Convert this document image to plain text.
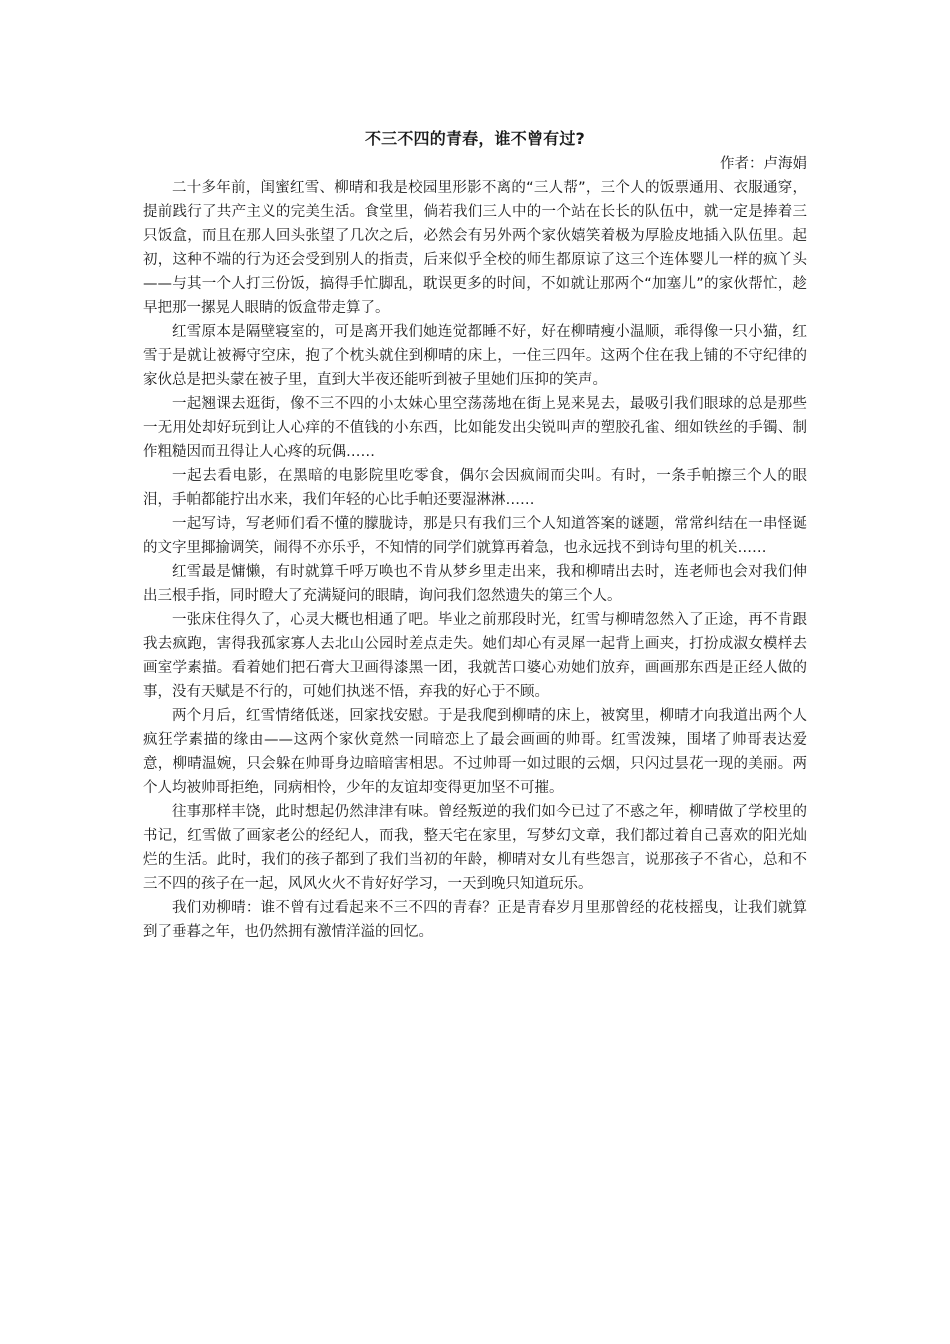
不三不四的青春，谁不曾有过?

作者：卢海娟

二十多年前，闺蜜红雪、柳晴和我是校园里形影不离的“三人帮”，三个人的饭票通用、衣服通穿，提前践行了共产主义的完美生活。食堂里，倘若我们三人中的一个站在长长的队伍中，就一定是捧着三只饭盒，而且在那人回头张望了几次之后，必然会有另外两个家伙嬉笑着极为厚脸皮地插入队伍里。起初，这种不端的行为还会受到别人的指责，后来似乎全校的师生都原谅了这三个连体婴儿一样的疯丫头——与其一个人打三份饭，搞得手忙脚乱，耽误更多的时间，不如就让那两个“加塞儿”的家伙帮忙，趁早把那一摞晃人眼睛的饭盒带走算了。

红雪原本是隔壁寝室的，可是离开我们她连觉都睡不好，好在柳晴瘦小温顺，乖得像一只小猫，红雪于是就让被褥守空床，抱了个枕头就住到柳晴的床上，一住三四年。这两个住在我上铺的不守纪律的家伙总是把头蒙在被子里，直到大半夜还能听到被子里她们压抑的笑声。

一起翘课去逛街，像不三不四的小太妹心里空荡荡地在街上晃来晃去，最吸引我们眼球的总是那些一无用处却好玩到让人心痒的不值钱的小东西，比如能发出尖锐叫声的塑胶孔雀、细如铁丝的手镯、制作粗糙因而丑得让人心疼的玩偶……

一起去看电影，在黑暗的电影院里吃零食，偶尔会因疯闹而尖叫。有时，一条手帕擦三个人的眼泪，手帕都能拧出水来，我们年轻的心比手帕还要湿淋淋……

一起写诗，写老师们看不懂的朦胧诗，那是只有我们三个人知道答案的谜题，常常纠结在一串怪诞的文字里揶揄调笑，闹得不亦乐乎，不知情的同学们就算再着急，也永远找不到诗句里的机关……

红雪最是慵懒，有时就算千呼万唤也不肯从梦乡里走出来，我和柳晴出去时，连老师也会对我们伸出三根手指，同时瞪大了充满疑问的眼睛，询问我们忽然遗失的第三个人。

一张床住得久了，心灵大概也相通了吧。毕业之前那段时光，红雪与柳晴忽然入了正途，再不肯跟我去疯跑，害得我孤家寡人去北山公园时差点走失。她们却心有灵犀一起背上画夹，打扮成淑女模样去画室学素描。看着她们把石膏大卫画得漆黑一团，我就苦口婆心劝她们放弃，画画那东西是正经人做的事，没有天赋是不行的，可她们执迷不悟，弃我的好心于不顾。

两个月后，红雪情绪低迷，回家找安慰。于是我爬到柳晴的床上，被窝里，柳晴才向我道出两个人疯狂学素描的缘由——这两个家伙竟然一同暗恋上了最会画画的帅哥。红雪泼辣，围堵了帅哥表达爱意，柳晴温婉，只会躲在帅哥身边暗暗害相思。不过帅哥一如过眼的云烟，只闪过昙花一现的美丽。两个人均被帅哥拒绝，同病相怜，少年的友谊却变得更加坚不可摧。

往事那样丰饶，此时想起仍然津津有味。曾经叛逆的我们如今已过了不惑之年，柳晴做了学校里的书记，红雪做了画家老公的经纪人，而我，整天宅在家里，写梦幻文章，我们都过着自己喜欢的阳光灿烂的生活。此时，我们的孩子都到了我们当初的年龄，柳晴对女儿有些怨言，说那孩子不省心，总和不三不四的孩子在一起，风风火火不肯好好学习，一天到晚只知道玩乐。

我们劝柳晴：谁不曾有过看起来不三不四的青春？正是青春岁月里那曾经的花枝摇曳，让我们就算到了垂暮之年，也仍然拥有激情洋溢的回忆。
